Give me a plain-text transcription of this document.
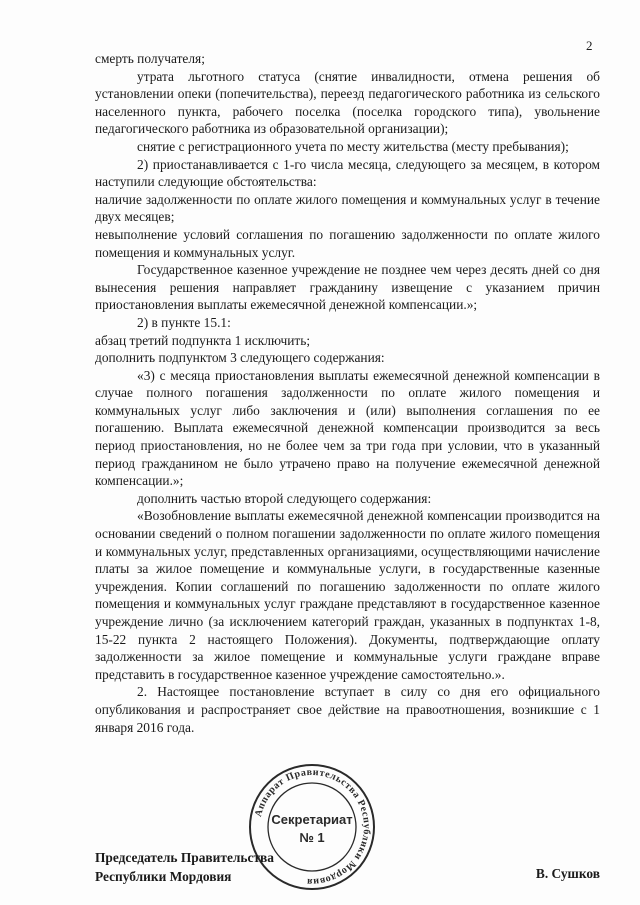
2

смерть получателя;

утрата льготного статуса (снятие инвалидности, отмена решения об установлении опеки (попечительства), переезд педагогического работника из сельского населенного пункта, рабочего поселка (поселка городского типа), увольнение педагогического работника из образовательной организации);

снятие с регистрационного учета по месту жительства (месту пребывания);

2) приостанавливается с 1-го числа месяца, следующего за месяцем, в котором наступили следующие обстоятельства:

наличие задолженности по оплате жилого помещения и коммунальных услуг в течение двух месяцев;

невыполнение условий соглашения по погашению задолженности по оплате жилого помещения и коммунальных услуг.

Государственное казенное учреждение не позднее чем через десять дней со дня вынесения решения направляет гражданину извещение с указанием причин приостановления выплаты ежемесячной денежной компенсации.»;

2) в пункте 15.1:

абзац третий подпункта 1 исключить;

дополнить подпунктом 3 следующего содержания:

«3) с месяца приостановления выплаты ежемесячной денежной компенсации в случае полного погашения задолженности по оплате жилого помещения и коммунальных услуг либо заключения и (или) выполнения соглашения по ее погашению. Выплата ежемесячной денежной компенсации производится за весь период приостановления, но не более чем за три года при условии, что в указанный период гражданином не было утрачено право на получение ежемесячной денежной компенсации.»;

дополнить частью второй следующего содержания:

«Возобновление выплаты ежемесячной денежной компенсации производится на основании сведений о полном погашении задолженности по оплате жилого помещения и коммунальных услуг, представленных организациями, осуществляющими начисление платы за жилое помещение и коммунальные услуги, в государственные казенные учреждения. Копии соглашений по погашению задолженности по оплате жилого помещения и коммунальных услуг граждане представляют в государственное казенное учреждение лично (за исключением категорий граждан, указанных в подпунктах 1-8, 15-22 пункта 2 настоящего Положения). Документы, подтверждающие оплату задолженности за жилое помещение и коммунальные услуги граждане вправе представить в государственное казенное учреждение самостоятельно.».

2. Настоящее постановление вступает в силу со дня его официального опубликования и распространяет свое действие на правоотношения, возникшие с 1 января 2016 года.

Аппарат Правительства Республики Мордовия
Секретариат
№ 1
Председатель Правительства
Республики Мордовия	В. Сушков
